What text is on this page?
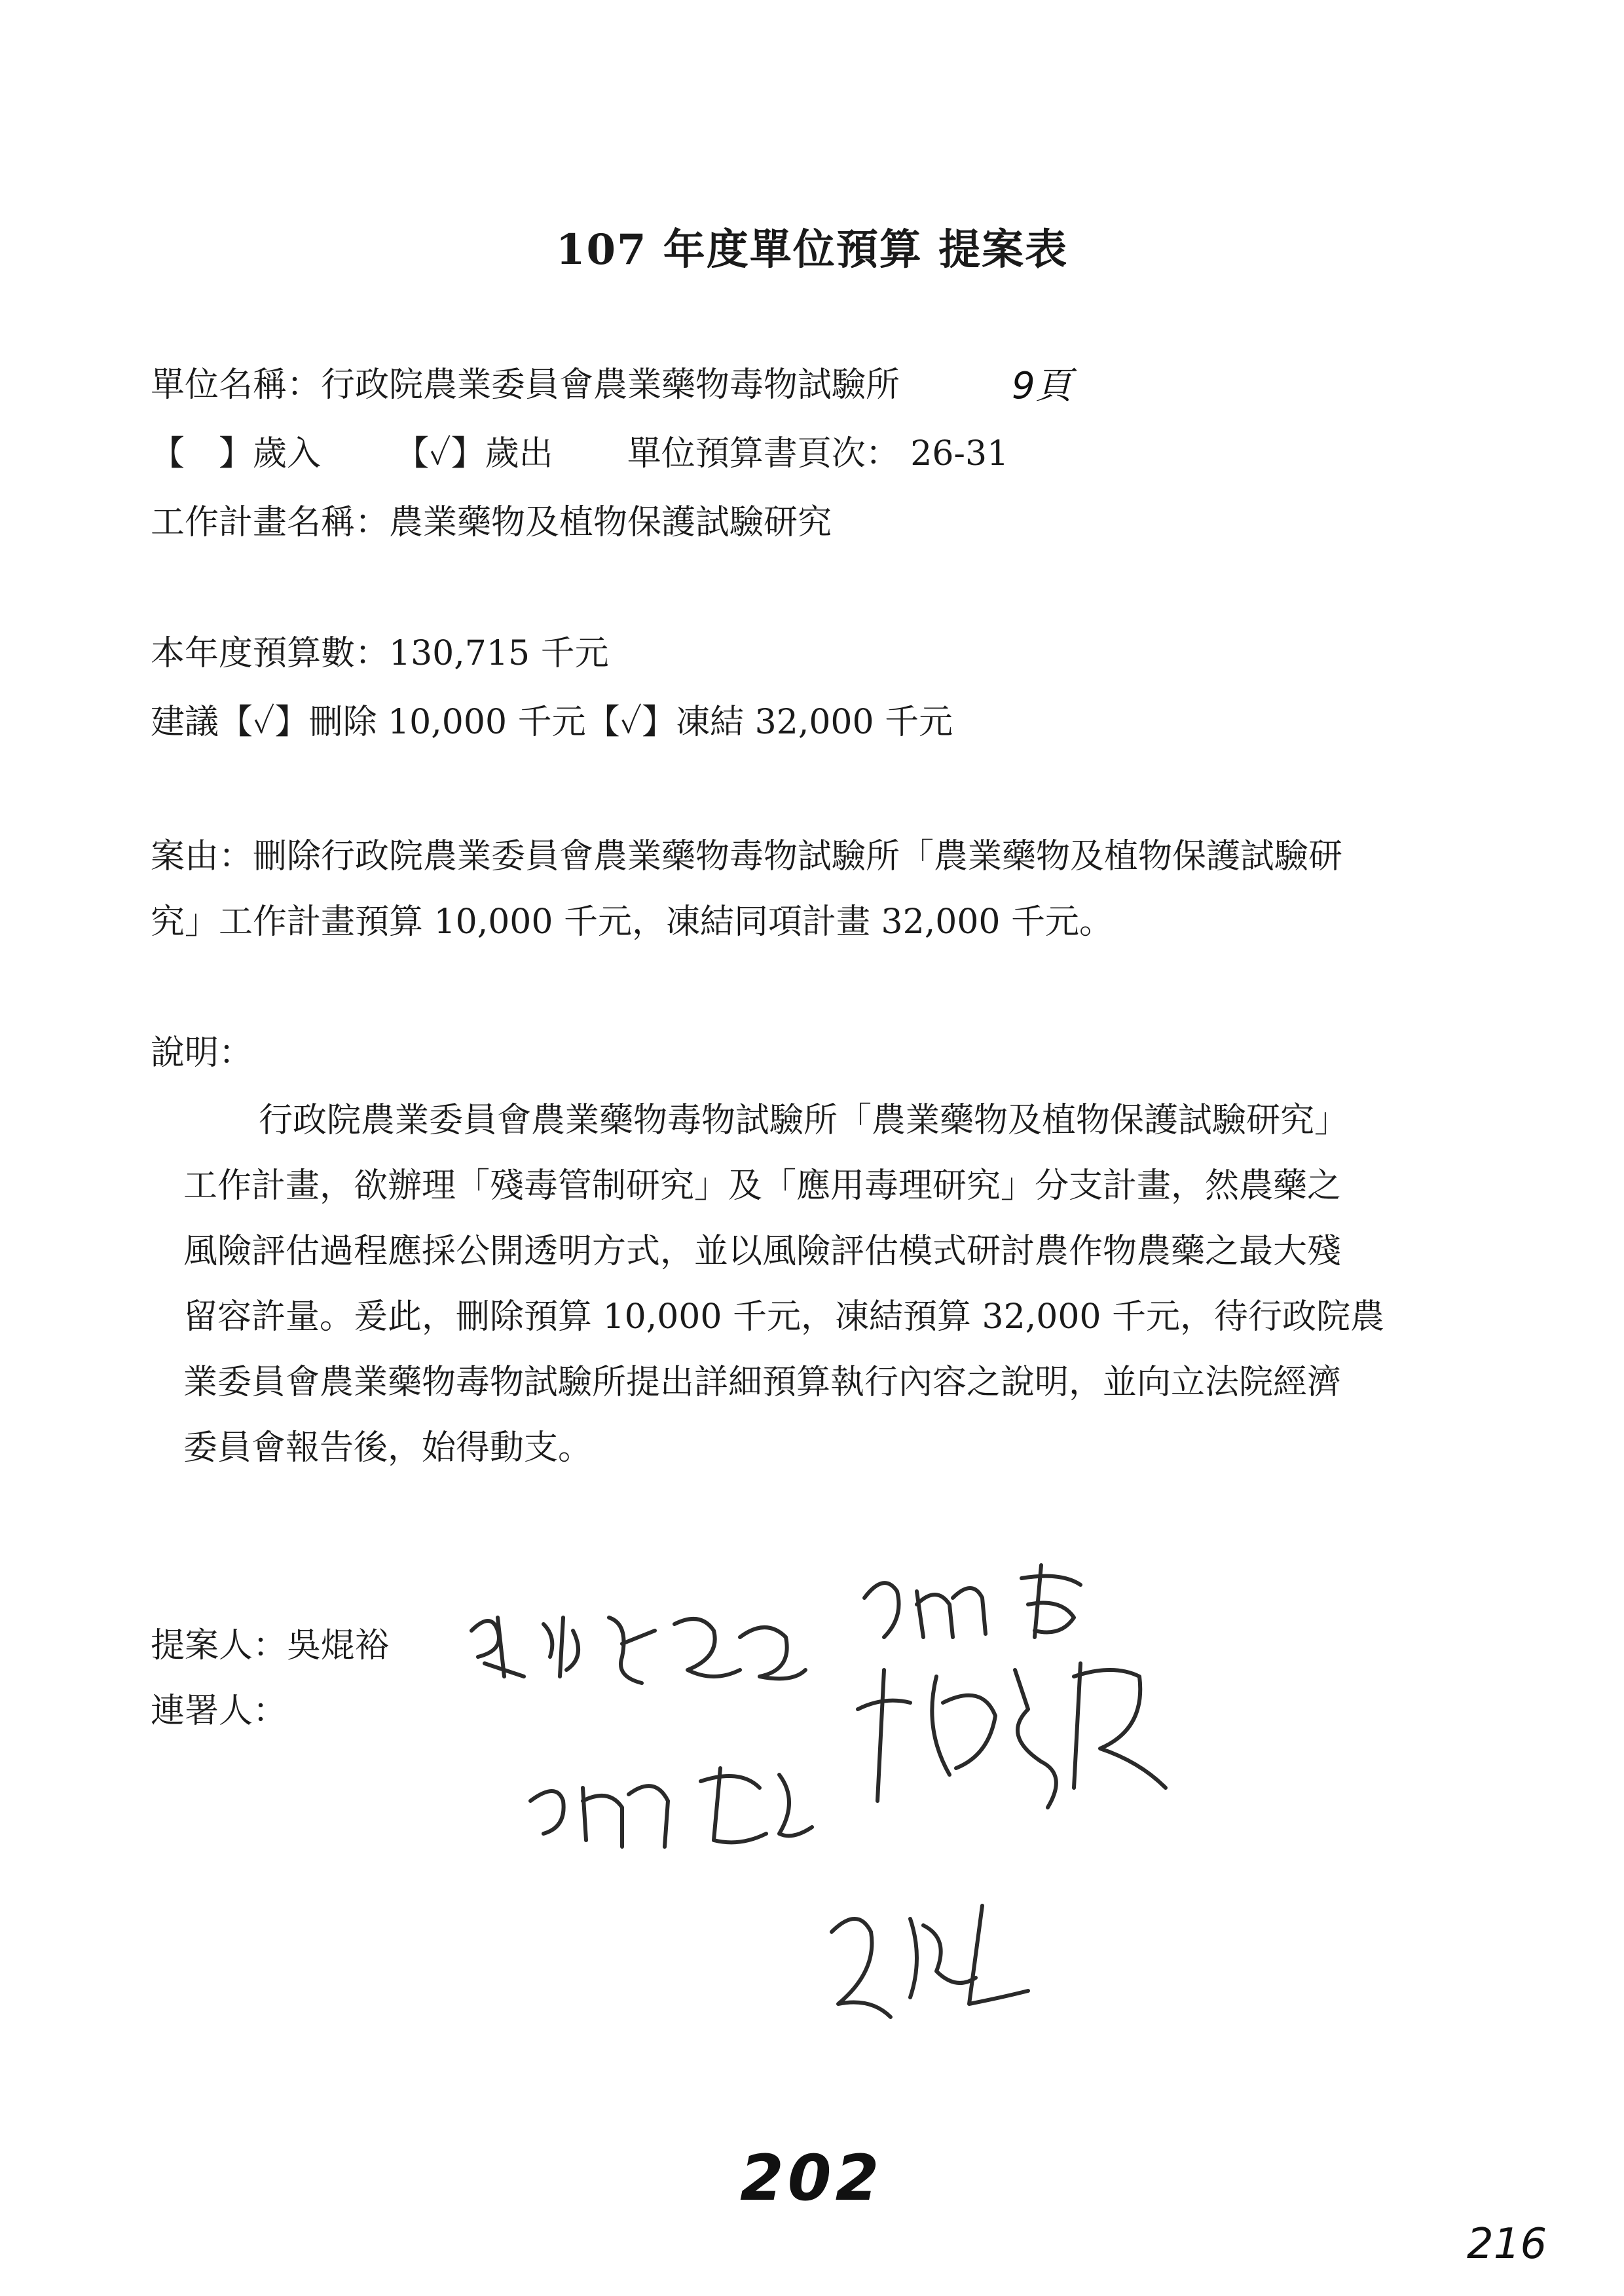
107 年度單位預算 提案表
單位名稱：行政院農業委員會農業藥物毒物試驗所	9頁
【　】歲入 【✓】歲出 單位預算書頁次： 26-31
工作計畫名稱：農業藥物及植物保護試驗研究
本年度預算數：130,715 千元
建議【✓】刪除 10,000 千元【✓】凍結 32,000 千元
案由：刪除行政院農業委員會農業藥物毒物試驗所「農業藥物及植物保護試驗研
究」工作計畫預算 10,000 千元，凍結同項計畫 32,000 千元。
說明：
行政院農業委員會農業藥物毒物試驗所「農業藥物及植物保護試驗研究」
工作計畫，欲辦理「殘毒管制研究」及「應用毒理研究」分支計畫，然農藥之
風險評估過程應採公開透明方式，並以風險評估模式研討農作物農藥之最大殘
留容許量。爰此，刪除預算 10,000 千元，凍結預算 32,000 千元，待行政院農
業委員會農業藥物毒物試驗所提出詳細預算執行內容之說明，並向立法院經濟
委員會報告後，始得動支。
提案人：吳焜裕
連署人：
202
216
